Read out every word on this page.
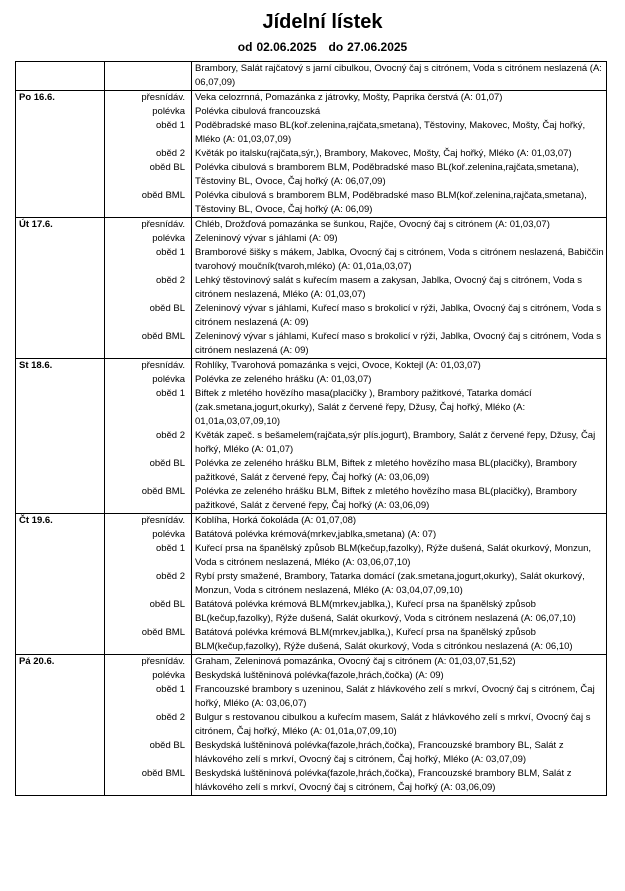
Jídelní lístek
od 02.06.2025 do 27.06.2025
		Brambory, Salát rajčatový s jarní cibulkou, Ovocný čaj s citrónem, Voda s citrónem neslazená (A: 06,07,09)
Po 16.6.	přesnídáv.	Veka celozrnná, Pomazánka z játrovky, Mošty, Paprika čerstvá (A: 01,07)
	polévka	Polévka cibulová francouzská
	oběd 1	Poděbradské maso BL(koř.zelenina,rajčata,smetana), Těstoviny, Makovec, Mošty, Čaj hořký, Mléko (A: 01,03,07,09)
	oběd 2	Květák po italsku(rajčata,sýr,), Brambory, Makovec, Mošty, Čaj hořký, Mléko (A: 01,03,07)
	oběd BL	Polévka cibulová s bramborem BLM, Poděbradské maso BL(koř.zelenina,rajčata,smetana), Těstoviny BL, Ovoce, Čaj hořký (A: 06,07,09)
	oběd BML	Polévka cibulová s bramborem BLM, Poděbradské maso BLM(koř.zelenina,rajčata,smetana), Těstoviny BL, Ovoce, Čaj hořký (A: 06,09)
Út 17.6.	přesnídáv.	Chléb, Drožďová pomazánka se šunkou, Rajče, Ovocný čaj s citrónem (A: 01,03,07)
	polévka	Zeleninový vývar s jáhlami (A: 09)
	oběd 1	Bramborové šišky s mákem, Jablka, Ovocný čaj s citrónem, Voda s citrónem neslazená, Babiččin tvarohový moučník(tvaroh,mléko) (A: 01,01a,03,07)
	oběd 2	Lehký těstovinový salát s kuřecím masem a zakysan, Jablka, Ovocný čaj s citrónem, Voda s citrónem neslazená, Mléko (A: 01,03,07)
	oběd BL	Zeleninový vývar s jáhlami, Kuřecí maso s brokolicí v rýži, Jablka, Ovocný čaj s citrónem, Voda s citrónem neslazená (A: 09)
	oběd BML	Zeleninový vývar s jáhlami, Kuřecí maso s brokolicí v rýži, Jablka, Ovocný čaj s citrónem, Voda s citrónem neslazená (A: 09)
St 18.6.	přesnídáv.	Rohlíky, Tvarohová pomazánka s vejci, Ovoce, Koktejl (A: 01,03,07)
	polévka	Polévka ze zeleného hrášku (A: 01,03,07)
	oběd 1	Biftek z mletého hovězího masa(placičky ), Brambory pažitkové, Tatarka domácí (zak.smetana,jogurt,okurky), Salát z červené řepy, Džusy, Čaj hořký, Mléko (A: 01,01a,03,07,09,10)
	oběd 2	Květák zapeč. s bešamelem(rajčata,sýr plís.jogurt), Brambory, Salát z červené řepy, Džusy, Čaj hořký, Mléko (A: 01,07)
	oběd BL	Polévka ze zeleného hrášku BLM, Biftek z mletého hovězího masa BL(placičky), Brambory pažitkové, Salát z červené řepy, Čaj hořký (A: 03,06,09)
	oběd BML	Polévka ze zeleného hrášku BLM, Biftek z mletého hovězího masa BL(placičky), Brambory pažitkové, Salát z červené řepy, Čaj hořký (A: 03,06,09)
Čt 19.6.	přesnídáv.	Koblíha, Horká čokoláda (A: 01,07,08)
	polévka	Batátová polévka krémová(mrkev,jablka,smetana) (A: 07)
	oběd 1	Kuřecí prsa na španělský způsob BLM(kečup,fazolky), Rýže dušená, Salát okurkový, Monzun, Voda s citrónem neslazená, Mléko (A: 03,06,07,10)
	oběd 2	Rybí prsty smažené, Brambory, Tatarka domácí (zak.smetana,jogurt,okurky), Salát okurkový, Monzun, Voda s citrónem neslazená, Mléko (A: 03,04,07,09,10)
	oběd BL	Batátová polévka krémová BLM(mrkev,jablka,), Kuřecí prsa na španělský způsob BL(kečup,fazolky), Rýže dušená, Salát okurkový, Voda s citrónem neslazená (A: 06,07,10)
	oběd BML	Batátová polévka krémová BLM(mrkev,jablka,), Kuřecí prsa na španělský způsob BLM(kečup,fazolky), Rýže dušená, Salát okurkový, Voda s citrónkou neslazená (A: 06,10)
Pá 20.6.	přesnídáv.	Graham, Zeleninová pomazánka, Ovocný čaj s citrónem (A: 01,03,07,51,52)
	polévka	Beskydská luštěninová polévka(fazole,hrách,čočka) (A: 09)
	oběd 1	Francouzské brambory s uzeninou, Salát z hlávkového zelí s mrkví, Ovocný čaj s citrónem, Čaj hořký, Mléko (A: 03,06,07)
	oběd 2	Bulgur s restovanou cibulkou a kuřecím masem, Salát z hlávkového zelí s mrkví, Ovocný čaj s citrónem, Čaj hořký, Mléko (A: 01,01a,07,09,10)
	oběd BL	Beskydská luštěninová polévka(fazole,hrách,čočka), Francouzské brambory BL, Salát z hlávkového zelí s mrkví, Ovocný čaj s citrónem, Čaj hořký, Mléko (A: 03,07,09)
	oběd BML	Beskydská luštěninová polévka(fazole,hrách,čočka), Francouzské brambory BLM, Salát z hlávkového zelí s mrkví, Ovocný čaj s citrónem, Čaj hořký (A: 03,06,09)
